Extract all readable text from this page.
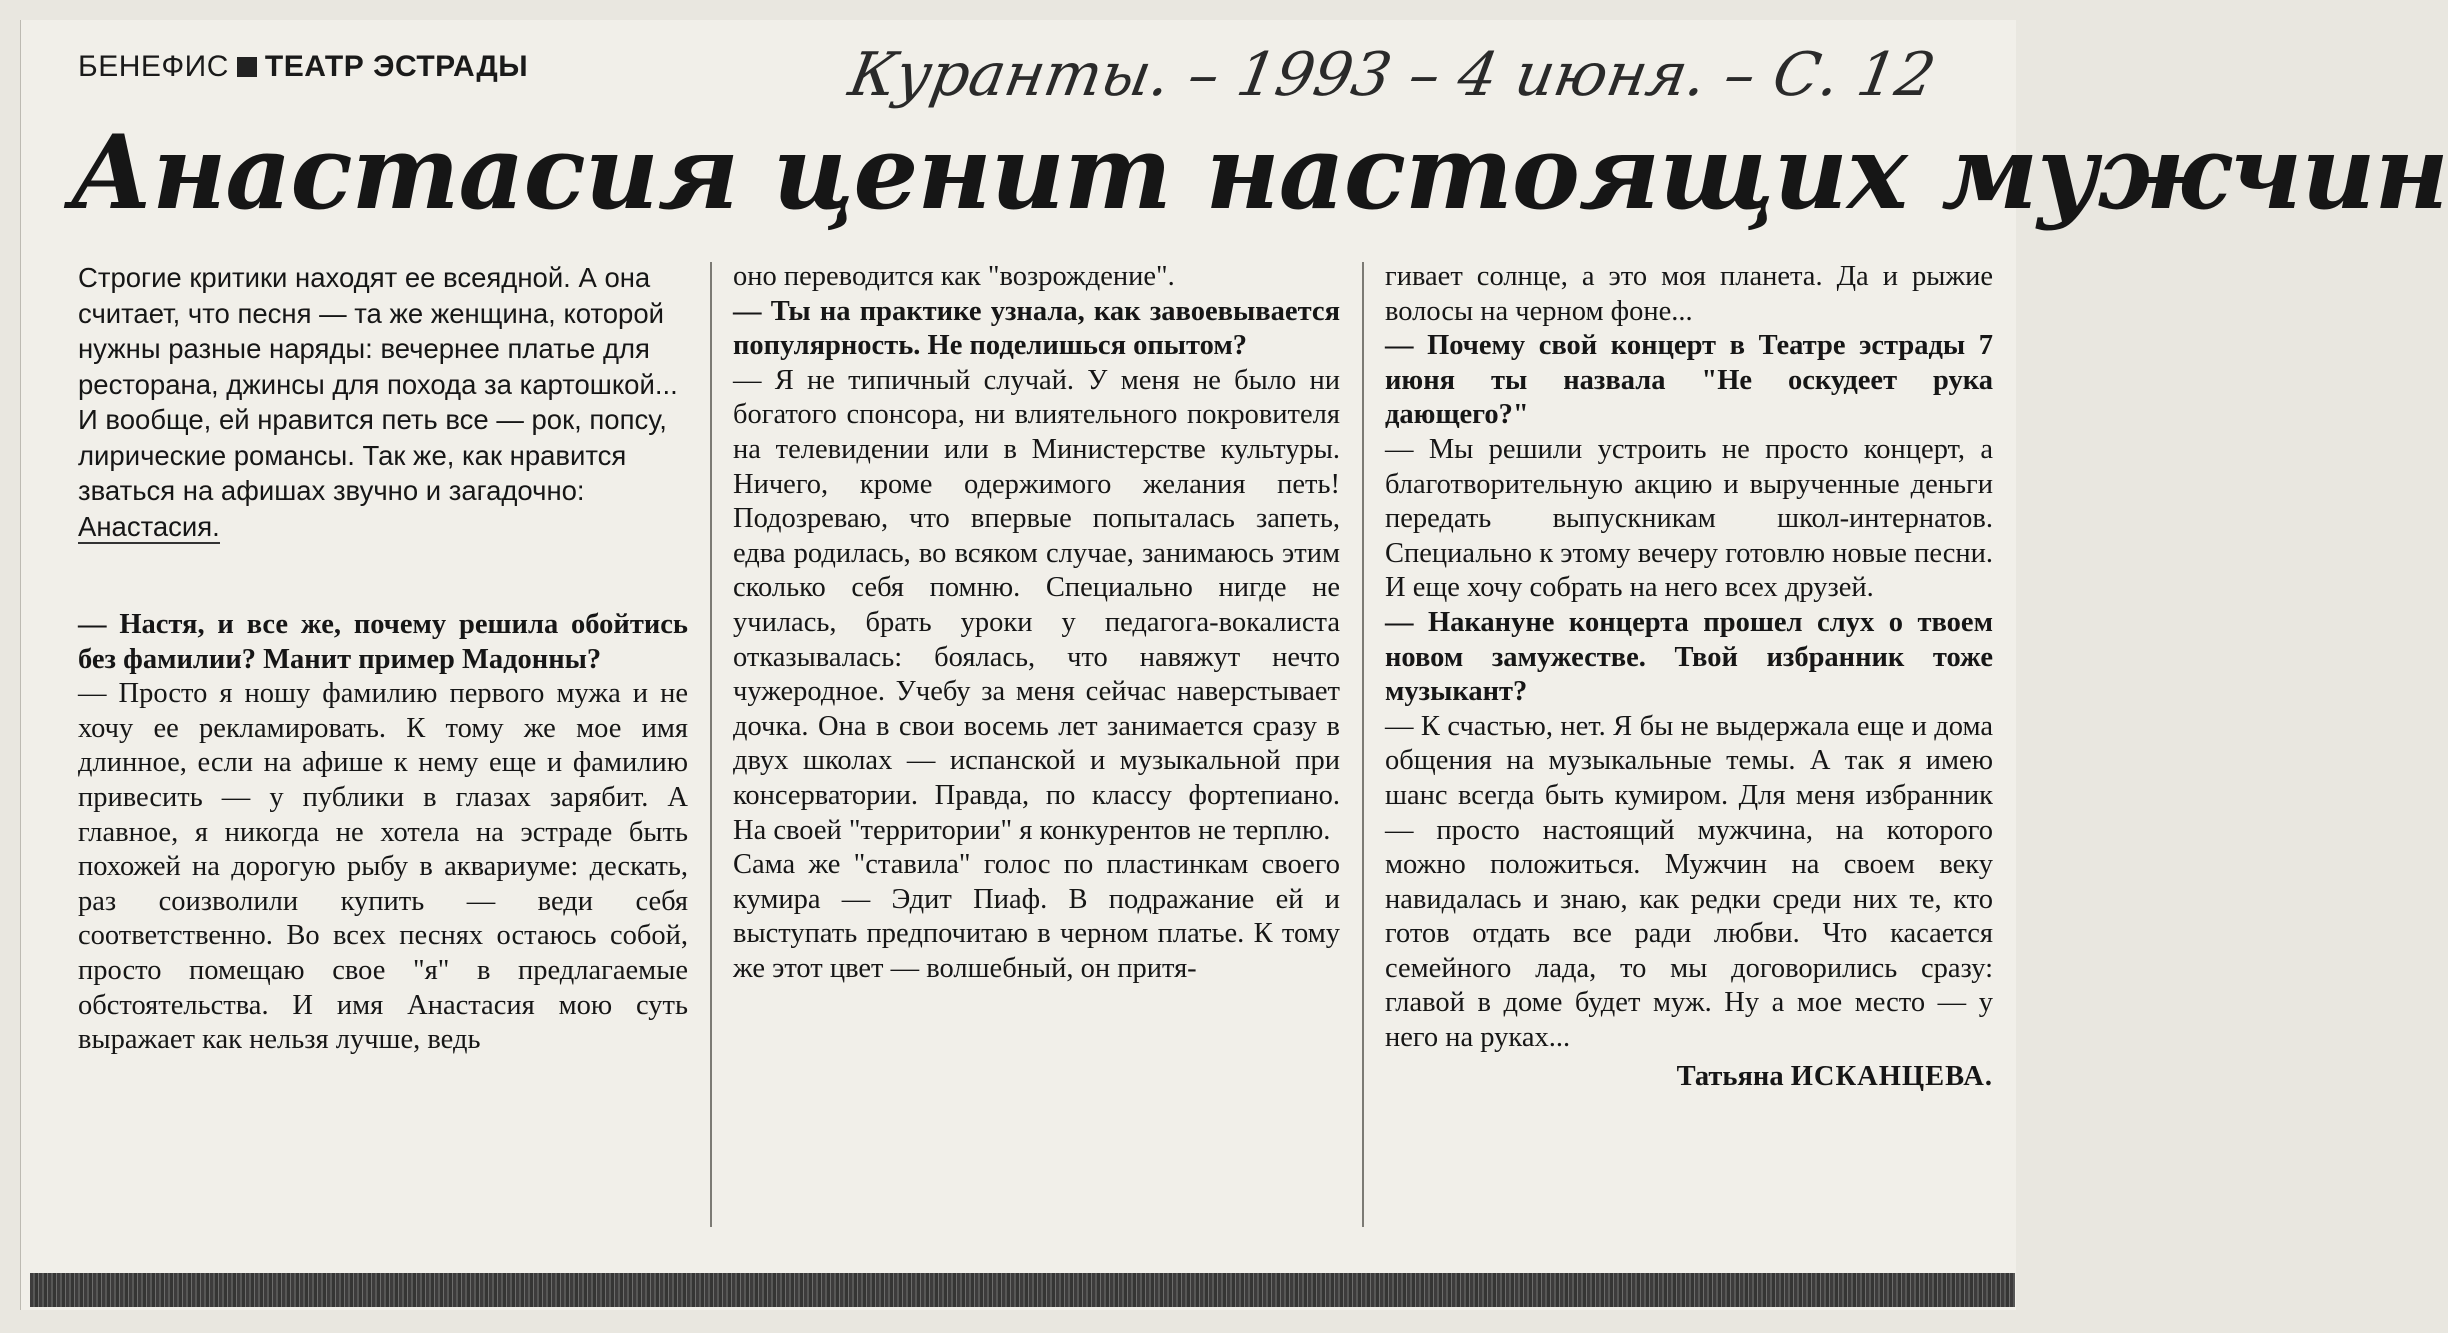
БЕНЕФИС ТЕАТР ЭСТРАДЫ	Куранты. – 1993 – 4 июня. – С. 12
Анастасия ценит настоящих мужчин

Строгие критики находят ее всеядной. А она считает, что песня — та же женщина, которой нужны разные наряды: вечернее платье для ресторана, джинсы для похода за картошкой... И вообще, ей нравится петь все — рок, попсу, лирические романсы. Так же, как нравится зваться на афишах звучно и загадочно: Анастасия.

— Настя, и все же, почему решила обойтись без фамилии? Манит пример Мадонны?

— Просто я ношу фамилию первого мужа и не хочу ее рекламировать. К тому же мое имя длинное, если на афише к нему еще и фамилию привесить — у публики в глазах зарябит. А главное, я никогда не хотела на эстраде быть похожей на дорогую рыбу в аквариуме: дескать, раз соизволили купить — веди себя соответственно. Во всех песнях остаюсь собой, просто помещаю свое "я" в предлагаемые обстоятельства. И имя Анастасия мою суть выражает как нельзя лучше, ведь

оно переводится как "возрождение".

— Ты на практике узнала, как завоевывается популярность. Не поделишься опытом?

— Я не типичный случай. У меня не было ни богатого спонсора, ни влиятельного покровителя на телевидении или в Министерстве культуры. Ничего, кроме одержимого желания петь! Подозреваю, что впервые попыталась запеть, едва родилась, во всяком случае, занимаюсь этим сколько себя помню. Специально нигде не училась, брать уроки у педагога-вокалиста отказывалась: боялась, что навяжут нечто чужеродное. Учебу за меня сейчас наверстывает дочка. Она в свои восемь лет занимается сразу в двух школах — испанской и музыкальной при консерватории. Правда, по классу фортепиано. На своей "территории" я конкурентов не терплю.

Сама же "ставила" голос по пластинкам своего кумира — Эдит Пиаф. В подражание ей и выступать предпочитаю в черном платье. К тому же этот цвет — волшебный, он притя-

гивает солнце, а это моя планета. Да и рыжие волосы на черном фоне...

— Почему свой концерт в Театре эстрады 7 июня ты назвала "Не оскудеет рука дающего?"

— Мы решили устроить не просто концерт, а благотворительную акцию и вырученные деньги передать выпускникам школ-интернатов. Специально к этому вечеру готовлю новые песни. И еще хочу собрать на него всех друзей.

— Накануне концерта прошел слух о твоем новом замужестве. Твой избранник тоже музыкант?

— К счастью, нет. Я бы не выдержала еще и дома общения на музыкальные темы. А так я имею шанс всегда быть кумиром. Для меня избранник — просто настоящий мужчина, на которого можно положиться. Мужчин на своем веку навидалась и знаю, как редки среди них те, кто готов отдать все ради любви. Что касается семейного лада, то мы договорились сразу: главой в доме будет муж. Ну а мое место — у него на руках...

Татьяна ИСКАНЦЕВА.
